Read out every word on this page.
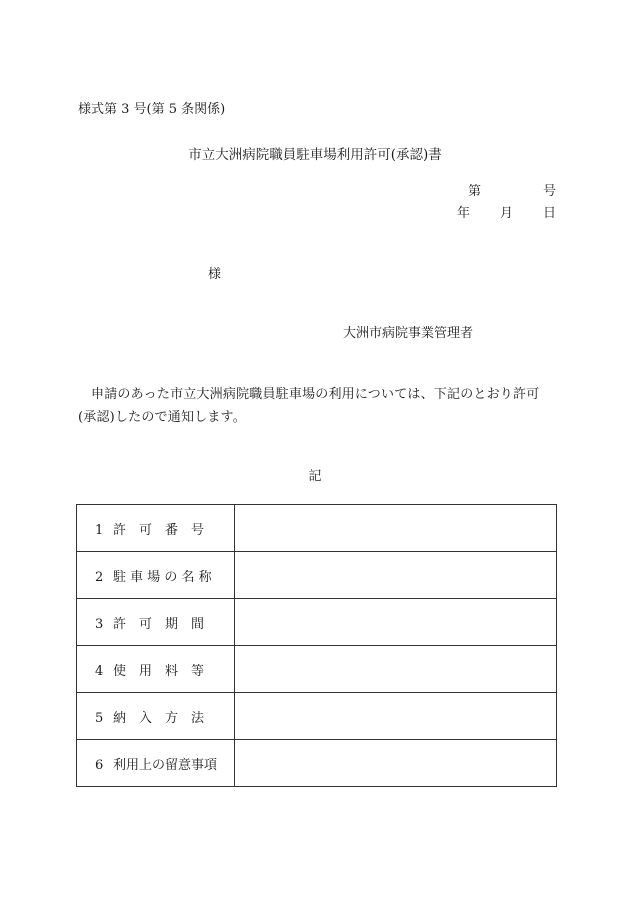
様式第 3 号(第 5 条関係)
市立大洲病院職員駐車場利用許可(承認)書
第	号
年 月 日
様
大洲市病院事業管理者
申請のあった市立大洲病院職員駐車場の利用については、下記のとおり許可(承認)したので通知します。
記
1 許　可　番　号	
2 駐 車 場 の 名 称	
3 許　可　期　間	
4 使　用　料　等	
5 納　入　方　法	
6 利用上の留意事項	
